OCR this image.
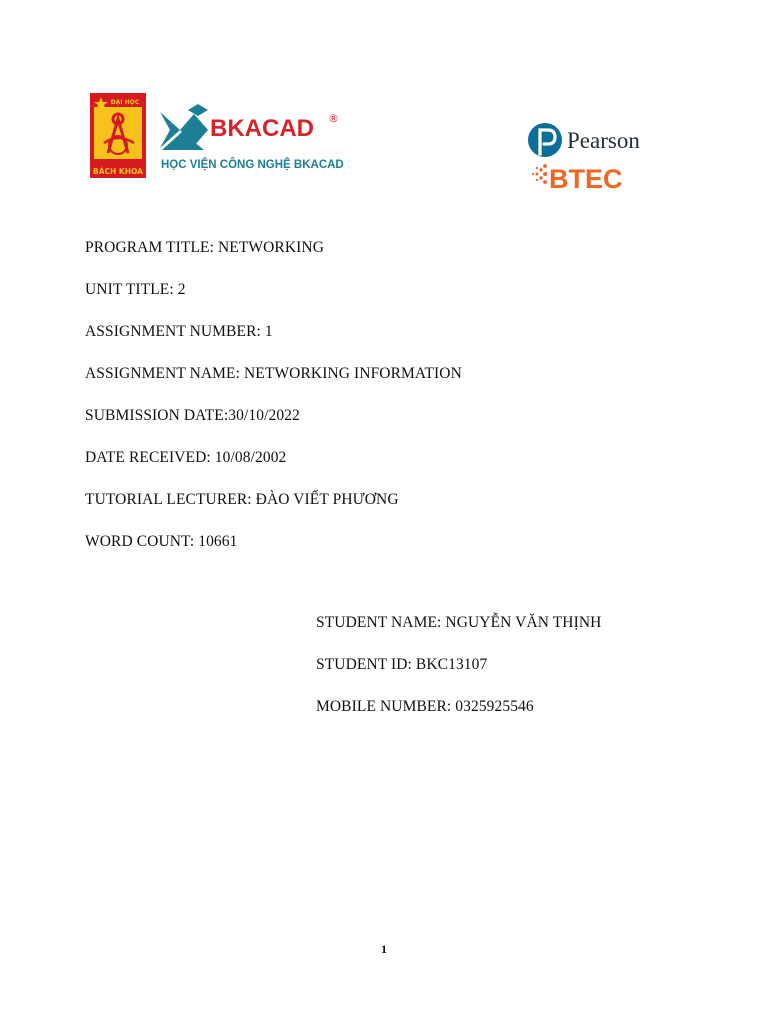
ĐẠI HỌC
BÁCH KHOA
BKACAD ®
HỌC VIỆN CÔNG NGHỆ BKACAD
Pearson
BTEC
PROGRAM TITLE: NETWORKING
UNIT TITLE: 2
ASSIGNMENT NUMBER: 1
ASSIGNMENT NAME: NETWORKING INFORMATION
SUBMISSION DATE:30/10/2022
DATE RECEIVED: 10/08/2002
TUTORIAL LECTURER: ĐÀO VIẾT PHƯƠNG
WORD COUNT: 10661
STUDENT NAME: NGUYỄN VĂN THỊNH
STUDENT ID: BKC13107
MOBILE NUMBER: 0325925546
1
